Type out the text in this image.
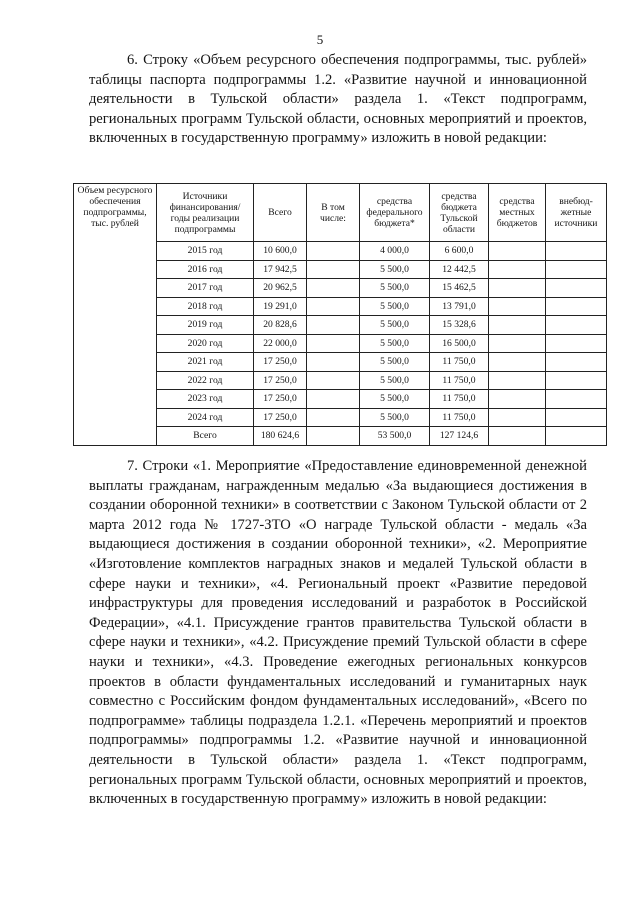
5

6. Строку «Объем ресурсного обеспечения подпрограммы, тыс. рублей» таблицы паспорта подпрограммы 1.2. «Развитие научной и инновационной деятельности в Тульской области» раздела 1. «Текст подпрограмм, региональных программ Тульской области, основных мероприятий и проектов, включенных в государственную программу» изложить в новой редакции:

Объем ресурсного обеспечения подпрограммы, тыс. рублей	Источники финансирования/ годы реализации подпрограммы	Всего	В том числе:	средства федерального бюджета*	средства бюджета Тульской области	средства местных бюджетов	внебюд-жетные источники
	2015 год	10 600,0		4 000,0	6 600,0		
	2016 год	17 942,5		5 500,0	12 442,5		
	2017 год	20 962,5		5 500,0	15 462,5		
	2018 год	19 291,0		5 500,0	13 791,0		
	2019 год	20 828,6		5 500,0	15 328,6		
	2020 год	22 000,0		5 500,0	16 500,0		
	2021 год	17 250,0		5 500,0	11 750,0		
	2022 год	17 250,0		5 500,0	11 750,0		
	2023 год	17 250,0		5 500,0	11 750,0		
	2024 год	17 250,0		5 500,0	11 750,0		
	Всего	180 624,6		53 500,0	127 124,6		

7. Строки «1. Мероприятие «Предоставление единовременной денежной выплаты гражданам, награжденным медалью «За выдающиеся достижения в создании оборонной техники» в соответствии с Законом Тульской области от 2 марта 2012 года № 1727-ЗТО «О награде Тульской области - медаль «За выдающиеся достижения в создании оборонной техники», «2. Мероприятие «Изготовление комплектов наградных знаков и медалей Тульской области в сфере науки и техники», «4. Региональный проект «Развитие передовой инфраструктуры для проведения исследований и разработок в Российской Федерации», «4.1. Присуждение грантов правительства Тульской области в сфере науки и техники», «4.2. Присуждение премий Тульской области в сфере науки и техники», «4.3. Проведение ежегодных региональных конкурсов проектов в области фундаментальных исследований и гуманитарных наук совместно с Российским фондом фундаментальных исследований», «Всего по подпрограмме» таблицы подраздела 1.2.1. «Перечень мероприятий и проектов подпрограммы» подпрограммы 1.2. «Развитие научной и инновационной деятельности в Тульской области» раздела 1. «Текст подпрограмм, региональных программ Тульской области, основных мероприятий и проектов, включенных в государственную программу» изложить в новой редакции:
